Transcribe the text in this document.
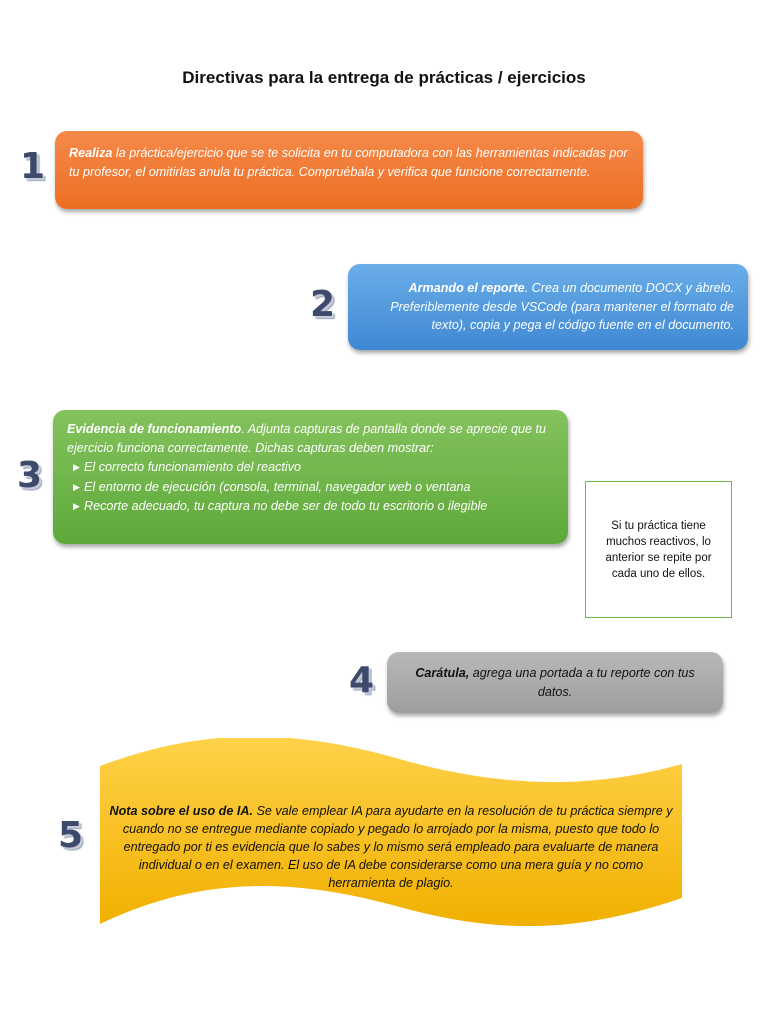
Directivas para la entrega de prácticas / ejercicios
1	Realiza la práctica/ejercicio que se te solicita en tu computadora con las herramientas indicadas por tu profesor, el omitirlas anula tu práctica. Compruébala y verifica que funcione correctamente.
2	Armando el reporte. Crea un documento DOCX y ábrelo. Preferiblemente desde VSCode (para mantener el formato de texto), copia y pega el código fuente en el documento.
3
Evidencia de funcionamiento. Adjunta capturas de pantalla donde se aprecie que tu ejercicio funciona correctamente. Dichas capturas deben mostrar:
▶ El correcto funcionamiento del reactivo
▶ El entorno de ejecución (consola, terminal, navegador web o ventana
▶ Recorte adecuado, tu captura no debe ser de todo tu escritorio o ilegible
Si tu práctica tiene muchos reactivos, lo anterior se repite por cada uno de ellos.
4	Carátula, agrega una portada a tu reporte con tus datos.
5
Nota sobre el uso de IA. Se vale emplear IA para ayudarte en la resolución de tu práctica siempre y cuando no se entregue mediante copiado y pegado lo arrojado por la misma, puesto que todo lo entregado por ti es evidencia que lo sabes y lo mismo será empleado para evaluarte de manera individual o en el examen. El uso de IA debe considerarse como una mera guía y no como herramienta de plagio.
